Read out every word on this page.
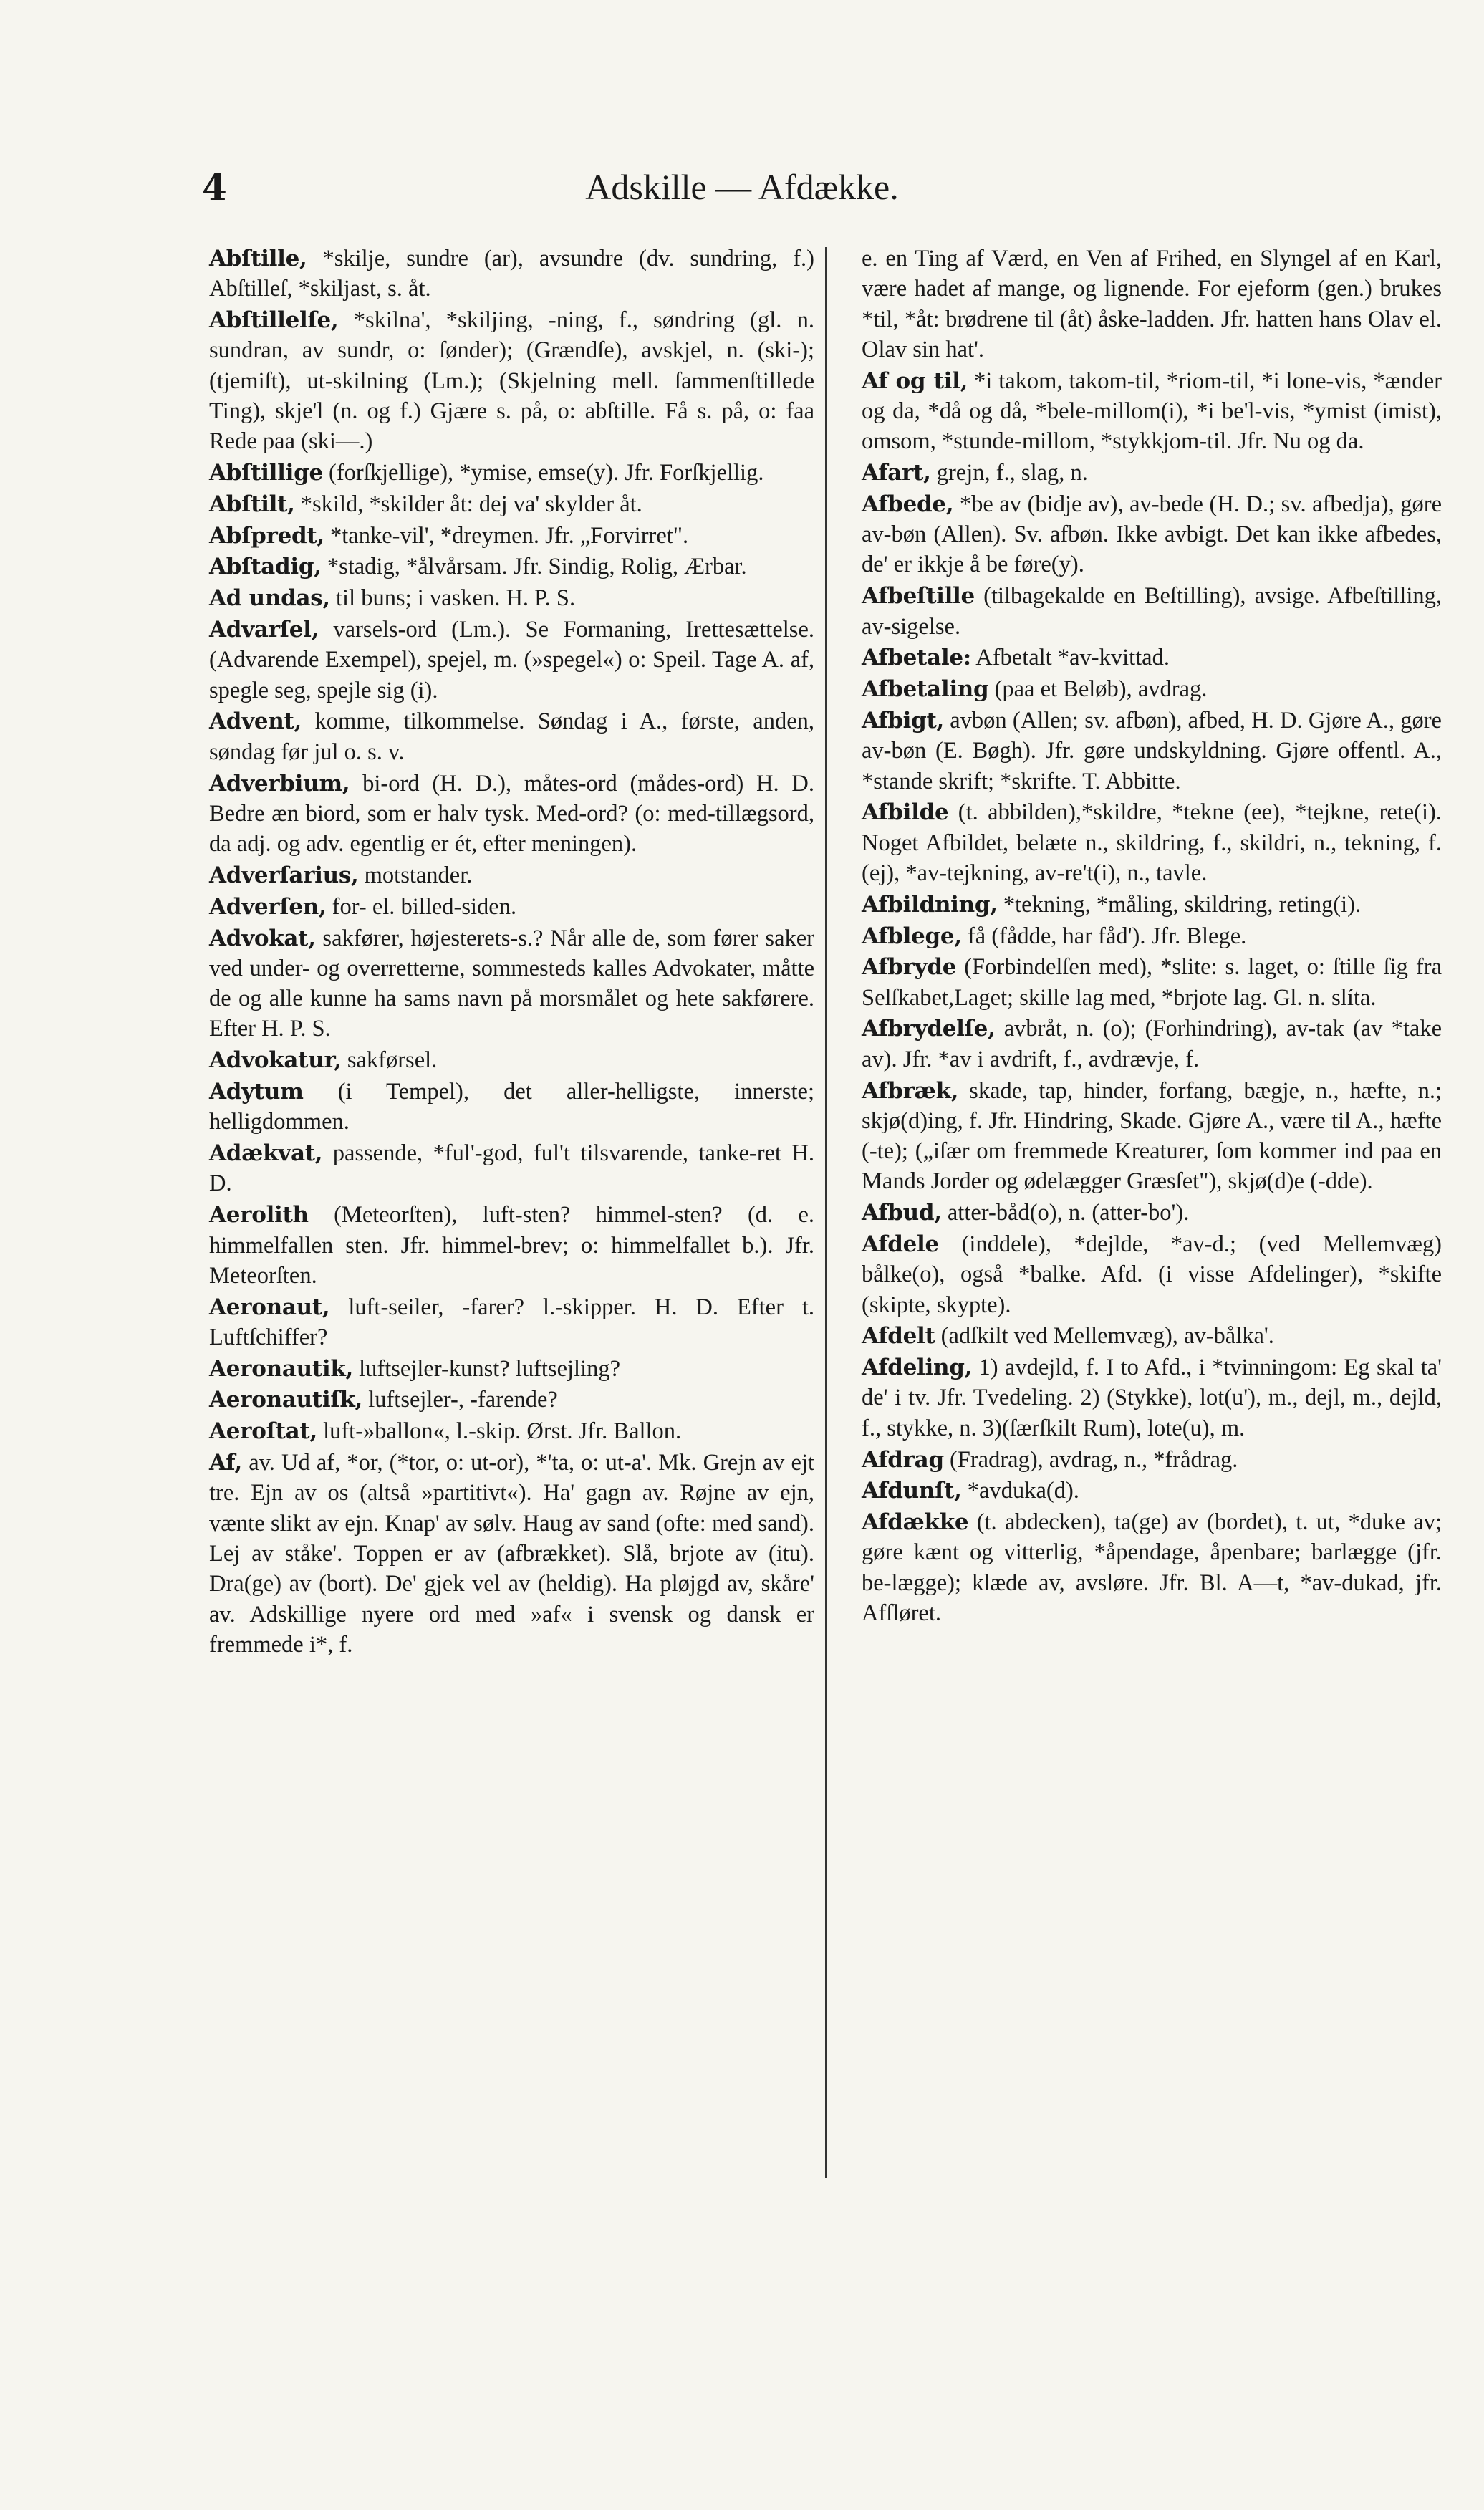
4	Adskille — Afdække.
Abſtille, *skilje, sundre (ar), avsundre (dv. sundring, f.) Abſtilleſ, *skiljast, s. åt.
Abſtillelſe, *skilna', *skiljing, -ning, f., søndring (gl. n. sundran, av sundr, o: ſønder); (Grændſe), avskjel, n. (ski-); (tjemiſt), ut-skilning (Lm.); (Skjelning mell. ſammenſtillede Ting), skje'l (n. og f.) Gjære s. på, o: abſtille. Få s. på, o: faa Rede paa (ski—.)
Abſtillige (forſkjellige), *ymise, emse(y). Jfr. Forſkjellig.
Abſtilt, *skild, *skilder åt: dej va' skylder åt.
Abſpredt, *tanke-vil', *dreymen. Jfr. „Forvirret".
Abſtadig, *stadig, *ålvårsam. Jfr. Sindig, Rolig, Ærbar.
Ad undas, til buns; i vasken. H. P. S.
Advarſel, varsels-ord (Lm.). Se Formaning, Irettesættelse. (Advarende Exempel), spejel, m. (»spegel«) o: Speil. Tage A. af, spegle seg, spejle sig (i).
Advent, komme, tilkommelse. Søndag i A., første, anden, søndag før jul o. s. v.
Adverbium, bi-ord (H. D.), måtes-ord (mådes-ord) H. D. Bedre æn biord, som er halv tysk. Med-ord? (o: med-tillægsord, da adj. og adv. egentlig er ét, efter meningen).
Adverſarius, motstander.
Adverſen, for- el. billed-siden.
Advokat, sakfører, højesterets-s.? Når alle de, som fører saker ved under- og overretterne, sommesteds kalles Advokater, måtte de og alle kunne ha sams navn på morsmålet og hete sakførere. Efter H. P. S.
Advokatur, sakførsel.
Adytum (i Tempel), det aller-helligste, innerste; helligdommen.
Adækvat, passende, *ful'-god, ful't tilsvarende, tanke-ret H. D.
Aerolith (Meteorſten), luft-sten? himmel-sten? (d. e. himmelfallen sten. Jfr. himmel-brev; o: himmelfallet b.). Jfr. Meteorſten.
Aeronaut, luft-seiler, -farer? l.-skipper. H. D. Efter t. Luftſchiffer?
Aeronautik, luftsejler-kunst? luftsejling?
Aeronautiſk, luftsejler-, -farende?
Aeroſtat, luft-»ballon«, l.-skip. Ørst. Jfr. Ballon.
Af, av. Ud af, *or, (*tor, o: ut-or), *'ta, o: ut-a'. Mk. Grejn av ejt tre. Ejn av os (altså »partitivt«). Ha' gagn av. Røjne av ejn, vænte slikt av ejn. Knap' av sølv. Haug av sand (ofte: med sand). Lej av ståke'. Toppen er av (afbrækket). Slå, brjote av (itu). Dra(ge) av (bort). De' gjek vel av (heldig). Ha pløjgd av, skåre' av. Adskillige nyere ord med »af« i svensk og dansk er fremmede i*, f.
e. en Ting af Værd, en Ven af Frihed, en Slyngel af en Karl, være hadet af mange, og lignende. For ejeform (gen.) brukes *til, *åt: brødrene til (åt) åske-ladden. Jfr. hatten hans Olav el. Olav sin hat'.
Af og til, *i takom, takom-til, *riom-til, *i lone-vis, *ænder og da, *då og då, *bele-millom(i), *i be'l-vis, *ymist (imist), omsom, *stunde-millom, *stykkjom-til. Jfr. Nu og da.
Afart, grejn, f., slag, n.
Afbede, *be av (bidje av), av-bede (H. D.; sv. afbedja), gøre av-bøn (Allen). Sv. afbøn. Ikke avbigt. Det kan ikke afbedes, de' er ikkje å be føre(y).
Afbeſtille (tilbagekalde en Beſtilling), avsige. Afbeſtilling, av-sigelse.
Afbetale: Afbetalt *av-kvittad.
Afbetaling (paa et Beløb), avdrag.
Afbigt, avbøn (Allen; sv. afbøn), afbed, H. D. Gjøre A., gøre av-bøn (E. Bøgh). Jfr. gøre undskyldning. Gjøre offentl. A., *stande skrift; *skrifte. T. Abbitte.
Afbilde (t. abbilden),*skildre, *tekne (ee), *tejkne, rete(i). Noget Afbildet, belæte n., skildring, f., skildri, n., tekning, f. (ej), *av-tejkning, av-re't(i), n., tavle.
Afbildning, *tekning, *måling, skildring, reting(i).
Afblege, få (fådde, har fåd'). Jfr. Blege.
Afbryde (Forbindelſen med), *slite: s. laget, o: ſtille ſig fra Selſkabet,Laget; skille lag med, *brjote lag. Gl. n. slíta.
Afbrydelſe, avbråt, n. (o); (Forhindring), av-tak (av *take av). Jfr. *av i avdrift, f., avdrævje, f.
Afbræk, skade, tap, hinder, forfang, bægje, n., hæfte, n.; skjø(d)ing, f. Jfr. Hindring, Skade. Gjøre A., være til A., hæfte (-te); („iſær om fremmede Kreaturer, ſom kommer ind paa en Mands Jorder og ødelægger Græsſet"), skjø(d)e (-dde).
Afbud, atter-båd(o), n. (atter-bo').
Afdele (inddele), *dejlde, *av-d.; (ved Mellemvæg) bålke(o), også *balke. Afd. (i visse Afdelinger), *skifte (skipte, skypte).
Afdelt (adſkilt ved Mellemvæg), av-bålka'.
Afdeling, 1) avdejld, f. I to Afd., i *tvinningom: Eg skal ta' de' i tv. Jfr. Tvedeling. 2) (Stykke), lot(u'), m., dejl, m., dejld, f., stykke, n. 3)(ſærſkilt Rum), lote(u), m.
Afdrag (Fradrag), avdrag, n., *frådrag.
Afdunſt, *avduka(d).
Afdække (t. abdecken), ta(ge) av (bordet), t. ut, *duke av; gøre kænt og vitterlig, *åpendage, åpenbare; barlægge (jfr. be-lægge); klæde av, avsløre. Jfr. Bl. A—t, *av-dukad, jfr. Afſløret.
